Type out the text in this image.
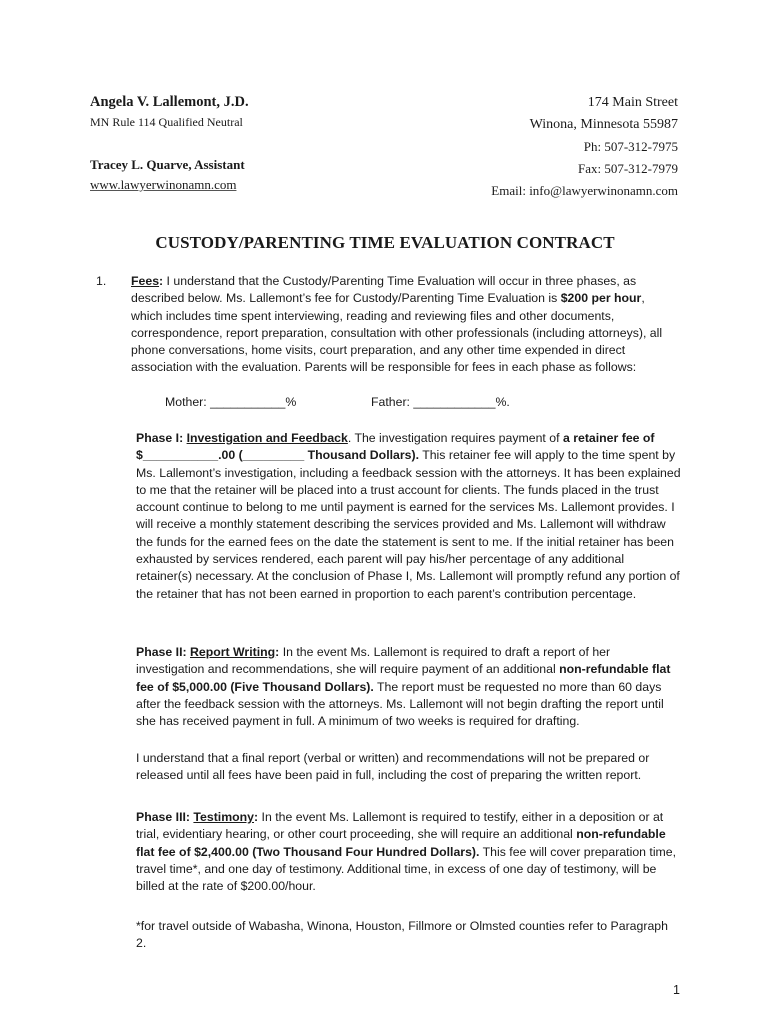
Angela V. Lallemont, J.D.

MN Rule 114 Qualified Neutral

Tracey L. Quarve, Assistant

www.lawyerwinonamn.com

174 Main Street

Winona, Minnesota 55987

Ph: 507-312-7975

Fax: 507-312-7979

Email: info@lawyerwinonamn.com

CUSTODY/PARENTING TIME EVALUATION CONTRACT
1. Fees: I understand that the Custody/Parenting Time Evaluation will occur in three phases, as described below. Ms. Lallemont’s fee for Custody/Parenting Time Evaluation is $200 per hour, which includes time spent interviewing, reading and reviewing files and other documents, correspondence, report preparation, consultation with other professionals (including attorneys), all phone conversations, home visits, court preparation, and any other time expended in direct association with the evaluation. Parents will be responsible for fees in each phase as follows:
Mother: ___________%	Father: ____________%.
Phase I: Investigation and Feedback. The investigation requires payment of a retainer fee of $___________.00 (_________ Thousand Dollars). This retainer fee will apply to the time spent by Ms. Lallemont’s investigation, including a feedback session with the attorneys. It has been explained to me that the retainer will be placed into a trust account for clients. The funds placed in the trust account continue to belong to me until payment is earned for the services Ms. Lallemont provides. I will receive a monthly statement describing the services provided and Ms. Lallemont will withdraw the funds for the earned fees on the date the statement is sent to me. If the initial retainer has been exhausted by services rendered, each parent will pay his/her percentage of any additional retainer(s) necessary. At the conclusion of Phase I, Ms. Lallemont will promptly refund any portion of the retainer that has not been earned in proportion to each parent’s contribution percentage.
Phase II: Report Writing: In the event Ms. Lallemont is required to draft a report of her investigation and recommendations, she will require payment of an additional non-refundable flat fee of $5,000.00 (Five Thousand Dollars). The report must be requested no more than 60 days after the feedback session with the attorneys. Ms. Lallemont will not begin drafting the report until she has received payment in full. A minimum of two weeks is required for drafting.
I understand that a final report (verbal or written) and recommendations will not be prepared or released until all fees have been paid in full, including the cost of preparing the written report.
Phase III: Testimony: In the event Ms. Lallemont is required to testify, either in a deposition or at trial, evidentiary hearing, or other court proceeding, she will require an additional non-refundable flat fee of $2,400.00 (Two Thousand Four Hundred Dollars). This fee will cover preparation time, travel time*, and one day of testimony. Additional time, in excess of one day of testimony, will be billed at the rate of $200.00/hour.
*for travel outside of Wabasha, Winona, Houston, Fillmore or Olmsted counties refer to Paragraph 2.
1
